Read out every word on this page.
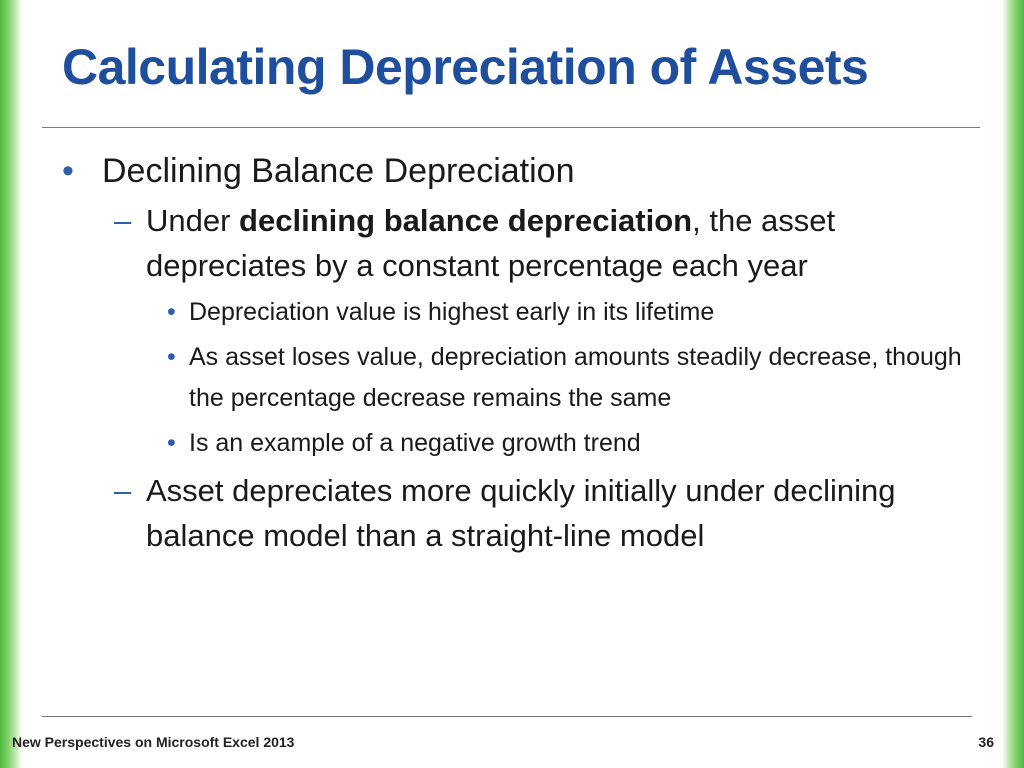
Calculating Depreciation of Assets
• Declining Balance Depreciation
– Under declining balance depreciation, the asset depreciates by a constant percentage each year
• Depreciation value is highest early in its lifetime
• As asset loses value, depreciation amounts steadily decrease, though the percentage decrease remains the same
• Is an example of a negative growth trend
– Asset depreciates more quickly initially under declining balance model than a straight-line model
New Perspectives on Microsoft Excel 2013	36
